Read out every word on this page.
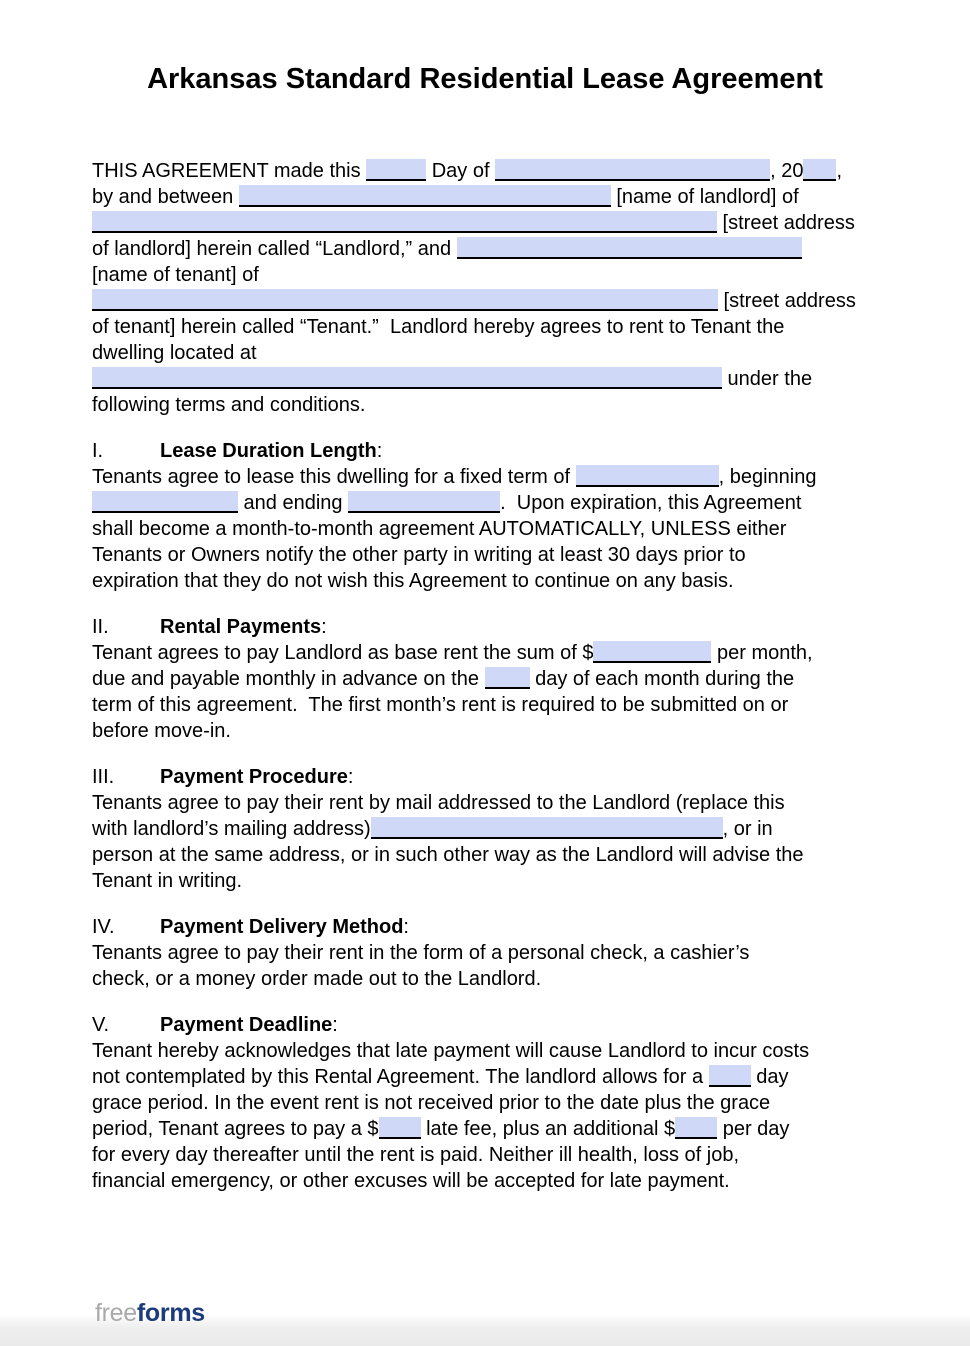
Arkansas Standard Residential Lease Agreement
THIS AGREEMENT made this	Day of	, 20 ,
by and between	[name of landlord] of
[street address
of landlord] herein called “Landlord,” and
[name of tenant] of
[street address
of tenant] herein called “Tenant.”  Landlord hereby agrees to rent to Tenant the
dwelling located at
under the
following terms and conditions.
I.	Lease Duration Length :
Tenants agree to lease this dwelling for a fixed term of	, beginning
and ending	.  Upon expiration, this Agreement
shall become a month-to-month agreement AUTOMATICALLY, UNLESS either
Tenants or Owners notify the other party in writing at least 30 days prior to
expiration that they do not wish this Agreement to continue on any basis.
II.	Rental Payments :
Tenant agrees to pay Landlord as base rent the sum of $	per month,
due and payable monthly in advance on the  day of each month during the
term of this agreement.  The first month’s rent is required to be submitted on or
before move-in.
III.	Payment Procedure :
Tenants agree to pay their rent by mail addressed to the Landlord (replace this
with landlord’s mailing address)	, or in
person at the same address, or in such other way as the Landlord will advise the
Tenant in writing.
IV.	Payment Delivery Method :
Tenants agree to pay their rent in the form of a personal check, a cashier’s
check, or a money order made out to the Landlord.
V.	Payment Deadline :
Tenant hereby acknowledges that late payment will cause Landlord to incur costs
not contemplated by this Rental Agreement. The landlord allows for a  day
grace period. In the event rent is not received prior to the date plus the grace
period, Tenant agrees to pay a $ late fee, plus an additional $ per day
for every day thereafter until the rent is paid. Neither ill health, loss of job,
financial emergency, or other excuses will be accepted for late payment.
freeforms
